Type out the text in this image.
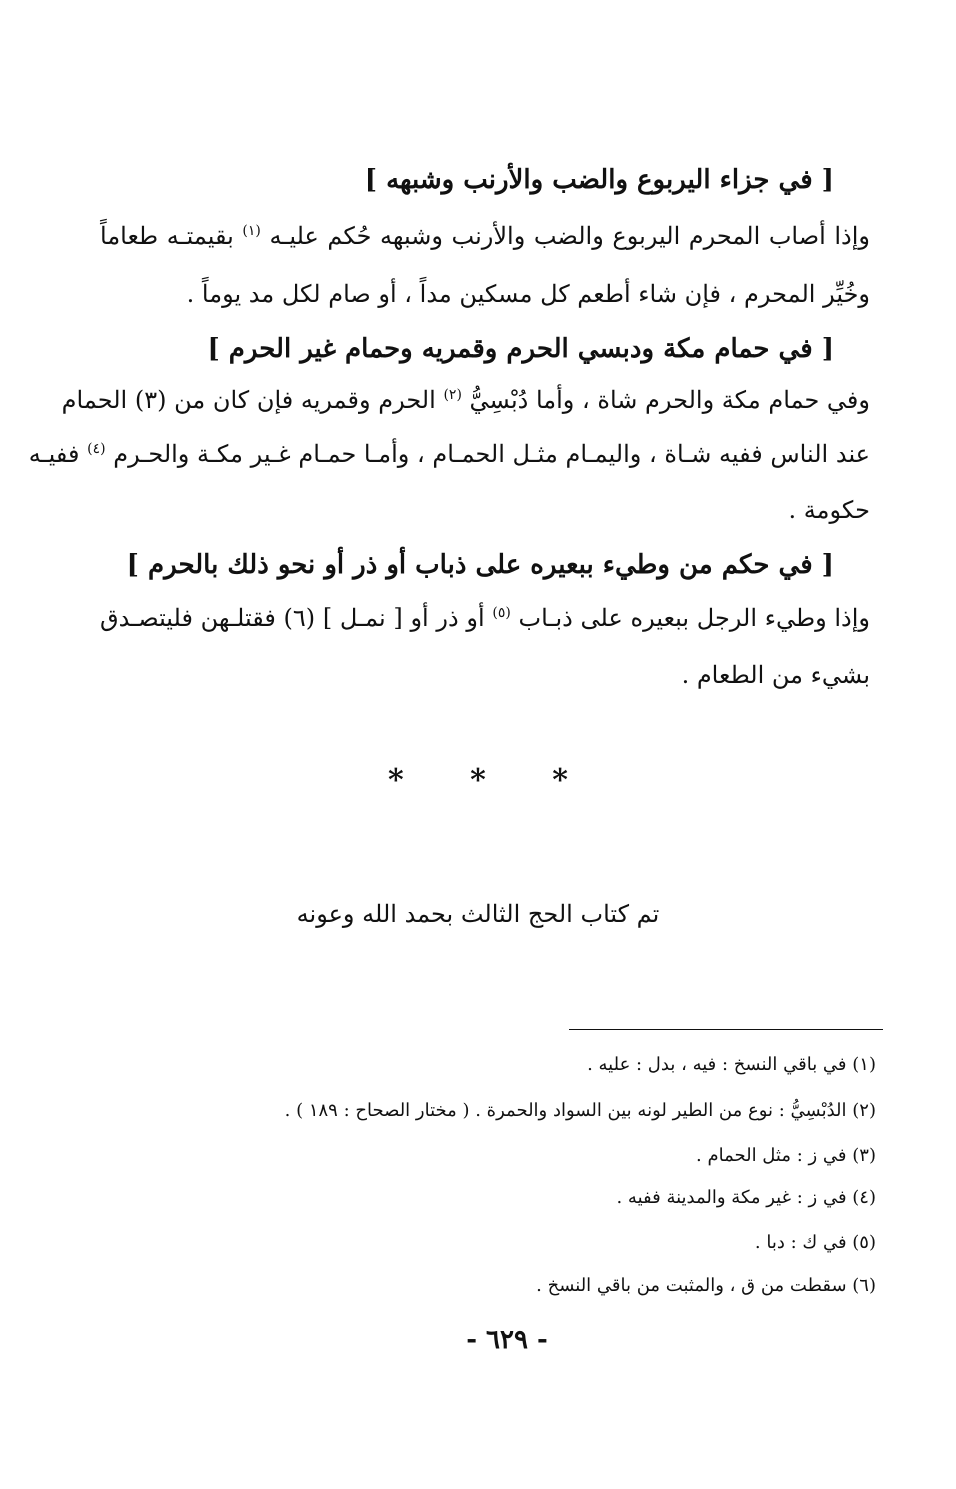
[ في جزاء اليربوع والضب والأرنب وشبهه ]
وإذا أصاب المحرم اليربوع والضب والأرنب وشبهه حُكم عليـه $^{(١)}$ بقيمتـه طعاماً
وخُيِّر المحرم ، فإن شاء أطعم كل مسكين مداً ، أو صام لكل مد يوماً .
[ في حمام مكة ودبسي الحرم وقمريه وحمام غير الحرم ]
وفي حمام مكة والحرم شاة ، وأما دُبْسِيُّ $^{(٢)}$ الحرم وقمريه فإن كان من (٣) الحمام
عند الناس ففيه شـاة ، واليمـام مثـل الحمـام ، وأمـا حمـام غـير مكـة والحـرم $^{(٤)}$ ففيـه
حكومة .
[ في حكم من وطيء ببعيره على ذباب أو ذر أو نحو ذلك بالحرم ]
وإذا وطيء الرجل ببعيره على ذبـاب $^{(٥)}$ أو ذر أو [ نمـل ] (٦) فقتلـهن فليتصـدق
بشيء من الطعام .
* * *
تم كتاب الحج الثالث بحمد الله وعونه
(١) في باقي النسخ : فيه ، بدل : عليه .
(٢) الدُبْسِيُّ : نوع من الطير لونه بين السواد والحمرة . ( مختار الصحاح : ١٨٩ ) .
(٣) في ز : مثل الحمام .
(٤) في ز : غير مكة والمدينة ففيه .
(٥) في ك : دبا .
(٦) سقطت من ق ، والمثبت من باقي النسخ .
- ٦٢٩ -
